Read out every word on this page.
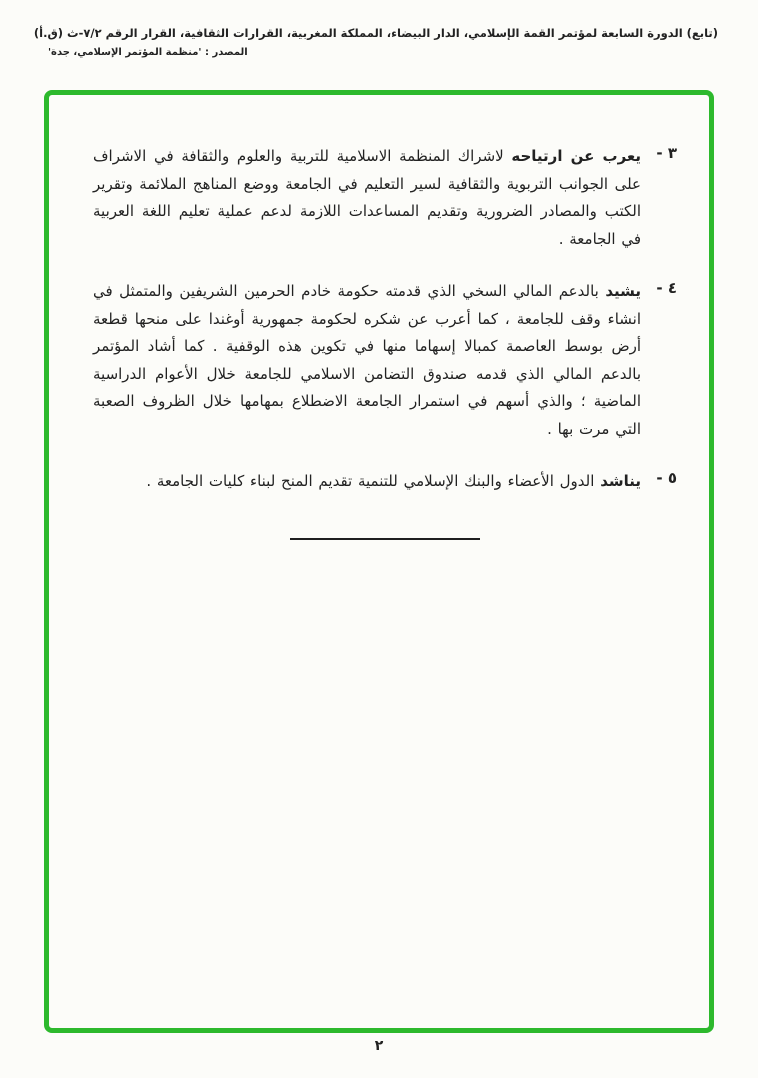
(تابع) الدورة السابعة لمؤتمر القمة الإسلامي، الدار البيضاء، المملكة المغربية، القرارات الثقافية، القرار الرقم ٧/٢-ث (ق.أ)
المصدر : 'منظمة المؤتمر الإسلامي، جدة'
٣ -

يعرب عن ارتياحه لاشراك المنظمة الاسلامية للتربية والعلوم والثقافة في الاشراف على الجوانب التربوية والثقافية لسير التعليم في الجامعة ووضع المناهج الملائمة وتقرير الكتب والمصادر الضرورية وتقديم المساعدات اللازمة لدعم عملية تعليم اللغة العربية في الجامعة .

٤ -

يشيد بالدعم المالي السخي الذي قدمته حكومة خادم الحرمين الشريفين والمتمثل في انشاء وقف للجامعة ، كما أعرب عن شكره لحكومة جمهورية أوغندا على منحها قطعة أرض بوسط العاصمة كمبالا إسهاما منها في تكوين هذه الوقفية . كما أشاد المؤتمر بالدعم المالي الذي قدمه صندوق التضامن الاسلامي للجامعة خلال الأعوام الدراسية الماضية ؛ والذي أسهم في استمرار الجامعة الاضطلاع بمهامها خلال الظروف الصعبة التي مرت بها .

٥ -

يناشد الدول الأعضاء والبنك الإسلامي للتنمية تقديم المنح لبناء كليات الجامعة .

٢
